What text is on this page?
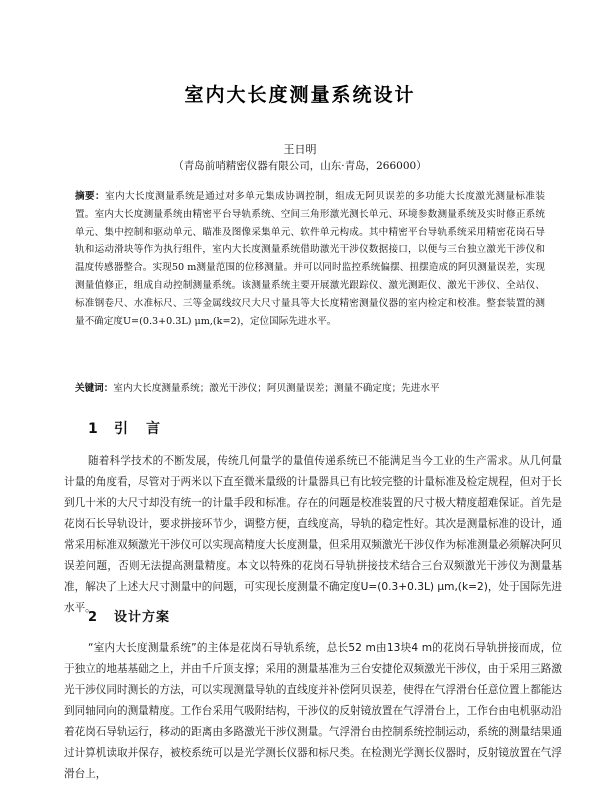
室内大长度测量系统设计
王日明
（青岛前哨精密仪器有限公司，山东·青岛，266000）
摘要：室内大长度测量系统是通过对多单元集成协调控制，组成无阿贝误差的多功能大长度激光测量标准装置。室内大长度测量系统由精密平台导轨系统、空间三角形激光测长单元、环境参数测量系统及实时修正系统单元、集中控制和驱动单元、瞄准及图像采集单元、软件单元构成。其中精密平台导轨系统采用精密花岗石导轨和运动滑块等作为执行组件，室内大长度测量系统借助激光干涉仪数据接口，以便与三台独立激光干涉仪和温度传感器整合。实现50 m测量范围的位移测量。并可以同时监控系统偏摆、扭摆造成的阿贝测量误差，实现测量值修正，组成自动控制测量系统。该测量系统主要开展激光跟踪仪、激光测距仪、激光干涉仪、全站仪、标准钢卷尺、水准标尺、三等金属线纹尺大尺寸量具等大长度精密测量仪器的室内检定和校准。整套装置的测量不确定度U=(0.3+0.3L) μm,(k=2)，定位国际先进水平。
关键词：室内大长度测量系统；激光干涉仪；阿贝测量误差；测量不确定度；先进水平
1 引言
随着科学技术的不断发展，传统几何量学的量值传递系统已不能满足当今工业的生产需求。从几何量计量的角度看，尽管对于两米以下直至微米量级的计量器具已有比较完整的计量标准及检定规程，但对于长到几十米的大尺寸却没有统一的计量手段和标准。存在的问题是校准装置的尺寸极大精度超难保证。首先是花岗石长导轨设计，要求拼接环节少，调整方便，直线度高，导轨的稳定性好。其次是测量标准的设计，通常采用标准双频激光干涉仪可以实现高精度大长度测量，但采用双频激光干涉仪作为标准测量必须解决阿贝误差问题，否则无法提高测量精度。本文以特殊的花岗石导轨拼接技术结合三台双频激光干涉仪为测量基准，解决了上述大尺寸测量中的问题，可实现长度测量不确定度U=(0.3+0.3L) μm,(k=2)，处于国际先进水平。
2 设计方案
“室内大长度测量系统”的主体是花岗石导轨系统，总长52 m由13块4 m的花岗石导轨拼接而成，位于独立的地基基础之上，并由千斤顶支撑；采用的测量基准为三台安捷伦双频激光干涉仪，由于采用三路激光干涉仪同时测长的方法，可以实现测量导轨的直线度并补偿阿贝误差，使得在气浮滑台任意位置上都能达到同轴同向的测量精度。工作台采用气吸附结构，干涉仪的反射镜放置在气浮滑台上，工作台由电机驱动沿着花岗石导轨运行，移动的距离由多路激光干涉仪测量。气浮滑台由控制系统控制运动，系统的测量结果通过计算机读取并保存，被校系统可以是光学测长仪器和标尺类。在检测光学测长仪器时，反射镜放置在气浮滑台上，
